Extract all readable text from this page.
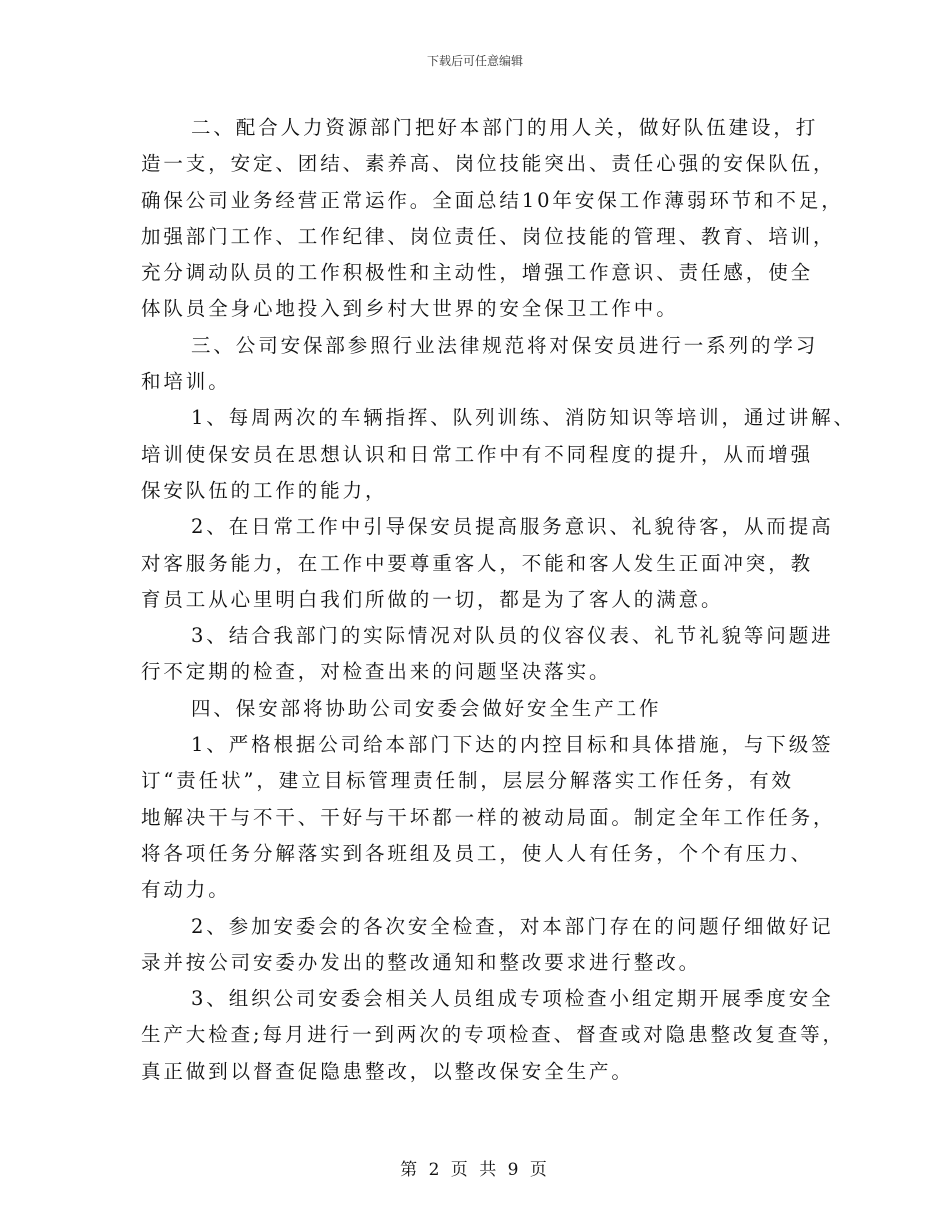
下载后可任意编辑
二、配合人力资源部门把好本部门的用人关，做好队伍建设，打
造一支，安定、团结、素养高、岗位技能突出、责任心强的安保队伍，
确保公司业务经营正常运作。全面总结10年安保工作薄弱环节和不足，
加强部门工作、工作纪律、岗位责任、岗位技能的管理、教育、培训，
充分调动队员的工作积极性和主动性，增强工作意识、责任感，使全
体队员全身心地投入到乡村大世界的安全保卫工作中。
三、公司安保部参照行业法律规范将对保安员进行一系列的学习
和培训。
1、每周两次的车辆指挥、队列训练、消防知识等培训，通过讲解、
培训使保安员在思想认识和日常工作中有不同程度的提升，从而增强
保安队伍的工作的能力，
2、在日常工作中引导保安员提高服务意识、礼貌待客，从而提高
对客服务能力，在工作中要尊重客人，不能和客人发生正面冲突，教
育员工从心里明白我们所做的一切，都是为了客人的满意。
3、结合我部门的实际情况对队员的仪容仪表、礼节礼貌等问题进
行不定期的检查，对检查出来的问题坚决落实。
四、保安部将协助公司安委会做好安全生产工作
1、严格根据公司给本部门下达的内控目标和具体措施，与下级签
订“责任状”，建立目标管理责任制，层层分解落实工作任务，有效
地解决干与不干、干好与干坏都一样的被动局面。制定全年工作任务，
将各项任务分解落实到各班组及员工，使人人有任务，个个有压力、
有动力。
2、参加安委会的各次安全检查，对本部门存在的问题仔细做好记
录并按公司安委办发出的整改通知和整改要求进行整改。
3、组织公司安委会相关人员组成专项检查小组定期开展季度安全
生产大检查;每月进行一到两次的专项检查、督查或对隐患整改复查等，
真正做到以督查促隐患整改，以整改保安全生产。
第 2 页 共 9 页
